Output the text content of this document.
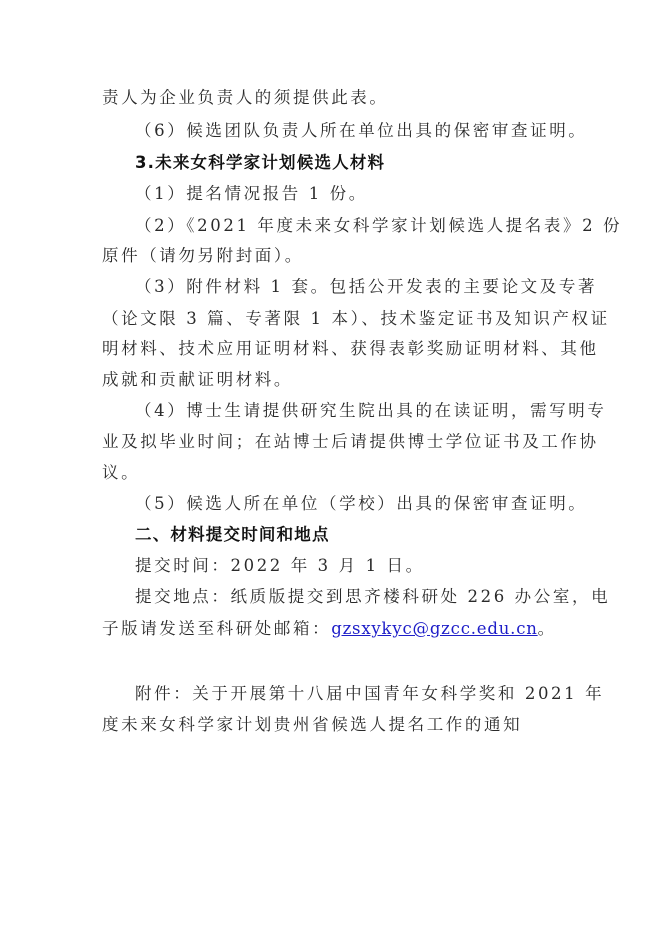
责人为企业负责人的须提供此表。
（6）候选团队负责人所在单位出具的保密审查证明。
3.未来女科学家计划候选人材料
（1）提名情况报告 1 份。
（2）《2021 年度未来女科学家计划候选人提名表》2 份
原件（请勿另附封面）。
（3）附件材料 1 套。包括公开发表的主要论文及专著
（论文限 3 篇、专著限 1 本）、技术鉴定证书及知识产权证
明材料、技术应用证明材料、获得表彰奖励证明材料、其他
成就和贡献证明材料。
（4）博士生请提供研究生院出具的在读证明，需写明专
业及拟毕业时间；在站博士后请提供博士学位证书及工作协
议。
（5）候选人所在单位（学校）出具的保密审查证明。
二、材料提交时间和地点
提交时间：2022 年 3 月 1 日。
提交地点：纸质版提交到思齐楼科研处 226 办公室，电
子版请发送至科研处邮箱：gzsxykyc@gzcc.edu.cn。
附件：关于开展第十八届中国青年女科学奖和 2021 年
度未来女科学家计划贵州省候选人提名工作的通知
